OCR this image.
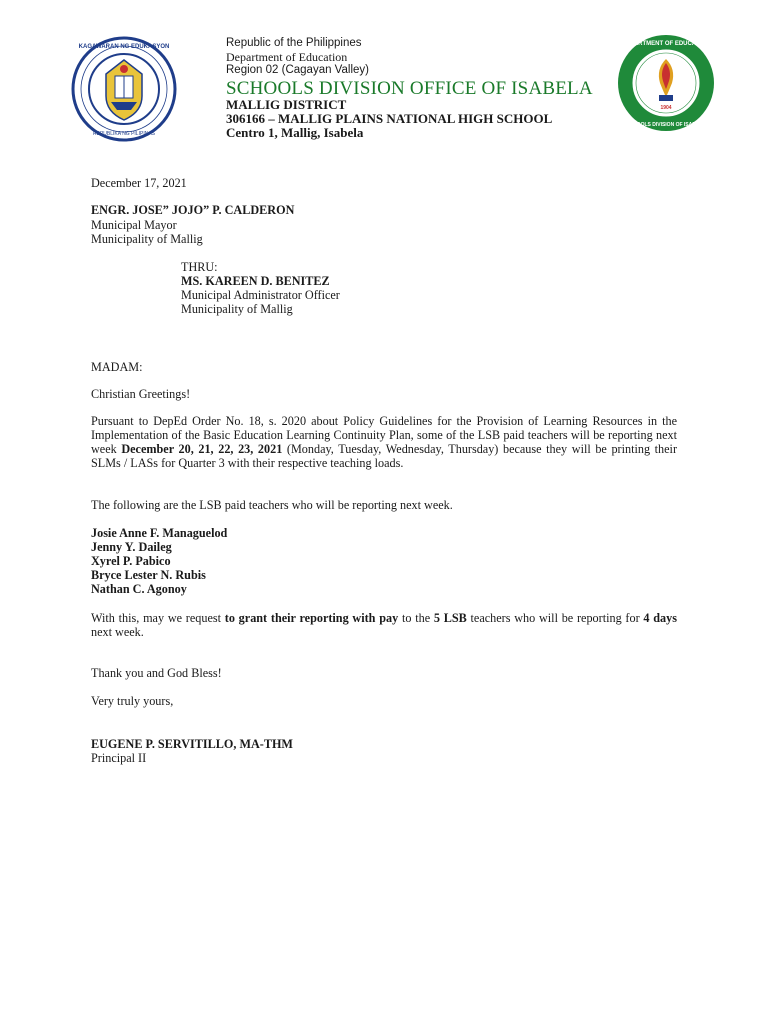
KAGAWARAN NG EDUKASYON
REPUBLIKA NG PILIPINAS
1904
DEPARTMENT OF EDUCATION
SCHOOLS DIVISION OF ISABELA
Republic of the Philippines
Department of Education
Region 02 (Cagayan Valley)
SCHOOLS DIVISION OFFICE OF ISABELA
MALLIG DISTRICT
306166 – MALLIG PLAINS NATIONAL HIGH SCHOOL
Centro 1, Mallig, Isabela
December 17, 2021
ENGR. JOSE” JOJO” P. CALDERON
Municipal Mayor
Municipality of Mallig
THRU:
MS. KAREEN D. BENITEZ
Municipal Administrator Officer
Municipality of Mallig
MADAM:
Christian Greetings!
Pursuant to DepEd Order No. 18, s. 2020 about Policy Guidelines for the Provision of Learning Resources in the Implementation of the Basic Education Learning Continuity Plan, some of the LSB paid teachers will be reporting next week December 20, 21, 22, 23, 2021 (Monday, Tuesday, Wednesday, Thursday) because they will be printing their SLMs / LASs for Quarter 3 with their respective teaching loads.
The following are the LSB paid teachers who will be reporting next week.
Josie Anne F. Managuelod
Jenny Y. Daileg
Xyrel P. Pabico
Bryce Lester N. Rubis
Nathan C. Agonoy
With this, may we request to grant their reporting with pay to the 5 LSB teachers who will be reporting for 4 days next week.
Thank you and God Bless!
Very truly yours,
EUGENE P. SERVITILLO, MA-THM
Principal II
